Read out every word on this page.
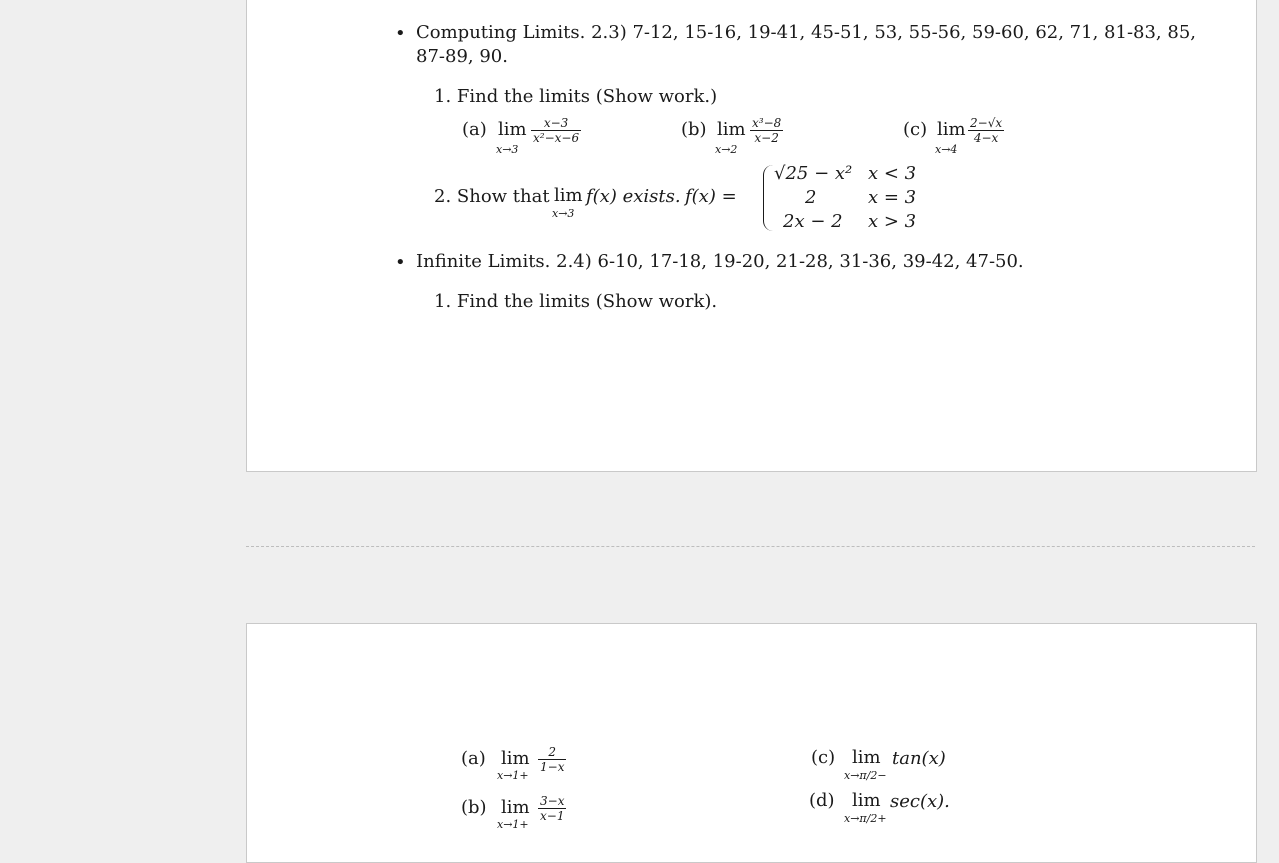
• Computing Limits. 2.3) 7-12, 15-16, 19-41, 45-51, 53, 55-56, 59-60, 62, 71, 81-83, 85,
87-89, 90.
1. Find the limits (Show work.)
(a) lim
x→3
x−3
x²−x−6	(b) lim
x→2
x³−8
x−2	(c) lim
x→4
2−√x
4−x
2. Show that lim
x→3
f(x) exists. f(x) =
√25 − x² x < 3
2	x = 3
2x − 2 x > 3
• Infinite Limits. 2.4) 6-10, 17-18, 19-20, 21-28, 31-36, 39-42, 47-50.
1. Find the limits (Show work).
(a) lim
x→1+
2
1−x
(b) lim
x→1+
3−x
x−1
(c) lim
x→π/2−
tan(x)
(d) lim
x→π/2+
sec(x).
